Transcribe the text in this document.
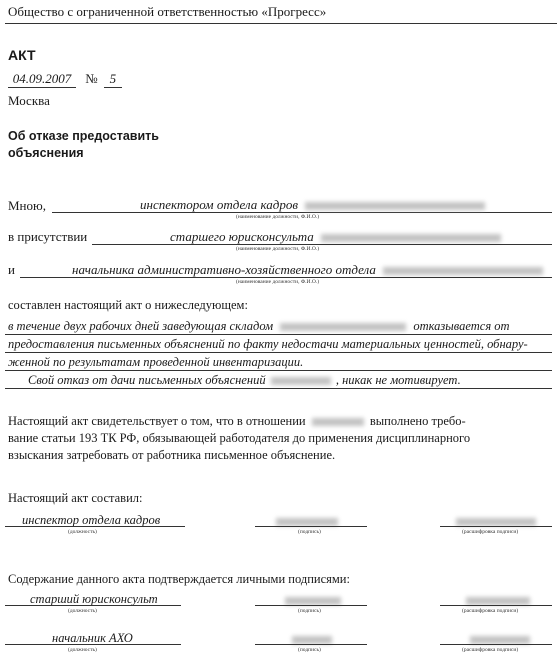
Общество с ограниченной ответственностью «Прогресс»
АКТ
04.09.2007 № 5
Москва
Об отказе предоставить
объяснения
Мною,	инспектором отдела кадров
(наименование должности, Ф.И.О.)
в присутствии	старшего юрисконсульта
(наименование должности, Ф.И.О.)
и	начальника административно-хозяйственного отдела
(наименование должности, Ф.И.О.)
составлен настоящий акт о нижеследующем:
в течение двух рабочих дней заведующая складом	отказывается от
предоставления письменных объяснений по факту недостачи материальных ценностей, обнару-
женной по результатам проведенной инвентаризации.
Свой отказ от дачи письменных объяснений	, никак не мотивирует.
Настоящий акт свидетельствует о том, что в отношении	выполнено требо-
вание статьи 193 ТК РФ, обязывающей работодателя до применения дисциплинарного
взыскания затребовать от работника письменное объяснение.
Настоящий акт составил:
инспектор отдела кадров
(должность)	(подпись)	(расшифровка подписи)
Содержание данного акта подтверждается личными подписями:
старший юрисконсульт
(должность)	(подпись)	(расшифровка подписи)
начальник АХО
(должность)	(подпись)	(расшифровка подписи)
